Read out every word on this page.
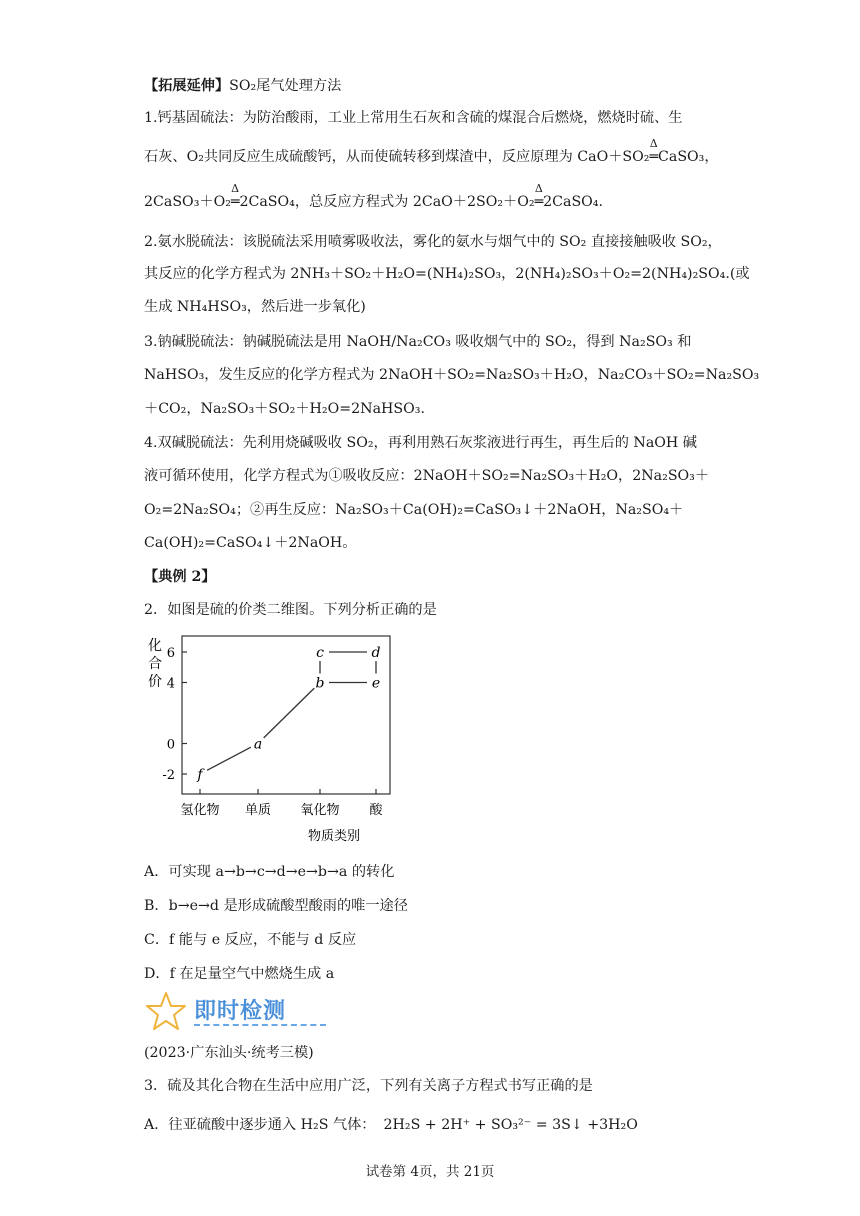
【拓展延伸】SO₂尾气处理方法
1.钙基固硫法：为防治酸雨，工业上常用生石灰和含硫的煤混合后燃烧，燃烧时硫、生
石灰、O₂共同反应生成硫酸钙，从而使硫转移到煤渣中，反应原理为 CaO＋SO₂Δ ═CaSO₃，
2CaSO₃＋O₂Δ ═2CaSO₄，总反应方程式为 2CaO＋2SO₂＋O₂Δ ═2CaSO₄.
2.氨水脱硫法：该脱硫法采用喷雾吸收法，雾化的氨水与烟气中的 SO₂ 直接接触吸收 SO₂，
其反应的化学方程式为 2NH₃＋SO₂＋H₂O=(NH₄)₂SO₃，2(NH₄)₂SO₃＋O₂=2(NH₄)₂SO₄.(或
生成 NH₄HSO₃，然后进一步氧化)
3.钠碱脱硫法：钠碱脱硫法是用 NaOH/Na₂CO₃ 吸收烟气中的 SO₂，得到 Na₂SO₃ 和
NaHSO₃，发生反应的化学方程式为 2NaOH＋SO₂=Na₂SO₃＋H₂O，Na₂CO₃＋SO₂=Na₂SO₃
＋CO₂，Na₂SO₃＋SO₂＋H₂O=2NaHSO₃.
4.双碱脱硫法：先利用烧碱吸收 SO₂，再利用熟石灰浆液进行再生，再生后的 NaOH 碱
液可循环使用，化学方程式为①吸收反应：2NaOH＋SO₂=Na₂SO₃＋H₂O，2Na₂SO₃＋
O₂=2Na₂SO₄；②再生反应：Na₂SO₃＋Ca(OH)₂=CaSO₃↓＋2NaOH，Na₂SO₄＋
Ca(OH)₂=CaSO₄↓＋2NaOH。
【典例 2】
2．如图是硫的价类二维图。下列分析正确的是
化
合
价
6
4
0
-2
氢化物 单质 氧化物 酸
物质类别
f
a
b
c	d
e
A．可实现 a→b→c→d→e→b→a 的转化
B．b→e→d 是形成硫酸型酸雨的唯一途径
C．f 能与 e 反应，不能与 d 反应
D．f 在足量空气中燃烧生成 a
即时检测
(2023·广东汕头·统考三模)
3．硫及其化合物在生活中应用广泛，下列有关离子方程式书写正确的是
A．往亚硫酸中逐步通入 H₂S 气体： 2H₂S + 2H⁺ + SO₃²⁻ = 3S↓ +3H₂O
试卷第 4页，共 21页
